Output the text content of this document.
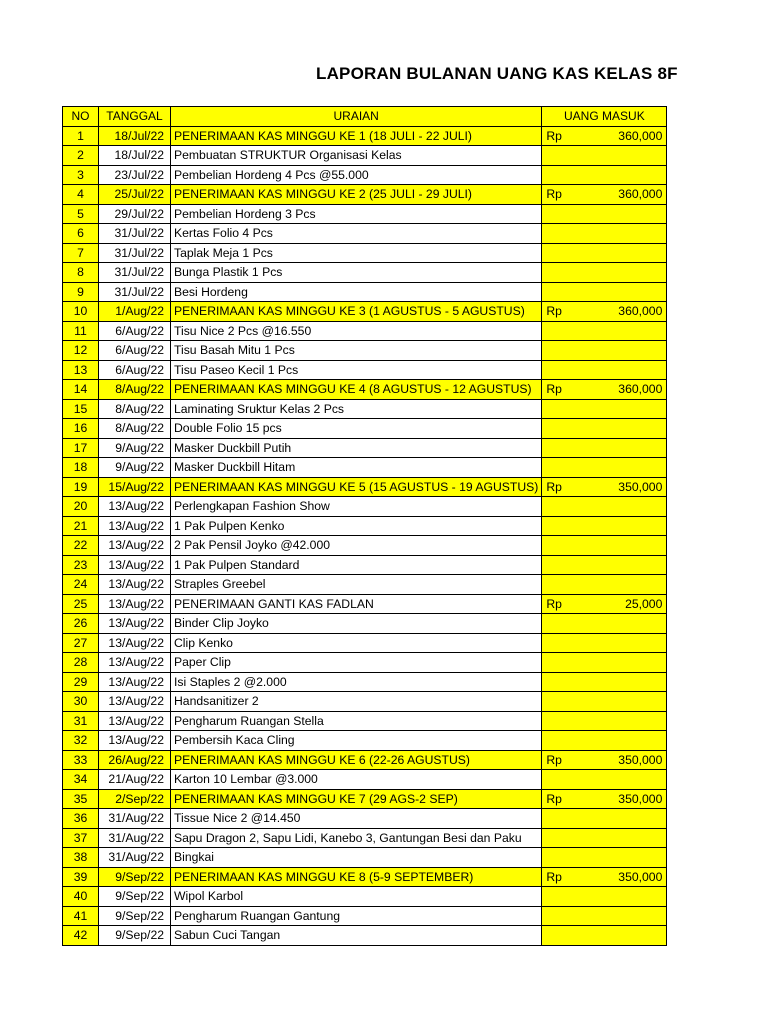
LAPORAN BULANAN UANG KAS KELAS 8F
NO	TANGGAL	URAIAN	UANG MASUK
1	18/Jul/22	PENERIMAAN KAS MINGGU KE 1 (18 JULI - 22 JULI)	Rp 360,000

2	18/Jul/22	Pembuatan STRUKTUR Organisasi Kelas	

3	23/Jul/22	Pembelian Hordeng 4 Pcs @55.000	

4	25/Jul/22	PENERIMAAN KAS MINGGU KE 2 (25 JULI - 29 JULI)	Rp 360,000

5	29/Jul/22	Pembelian Hordeng 3 Pcs	

6	31/Jul/22	Kertas Folio 4 Pcs	

7	31/Jul/22	Taplak Meja 1 Pcs	

8	31/Jul/22	Bunga Plastik 1 Pcs	

9	31/Jul/22	Besi Hordeng	

10	1/Aug/22	PENERIMAAN KAS MINGGU KE 3 (1 AGUSTUS - 5 AGUSTUS)	Rp 360,000

11	6/Aug/22	Tisu Nice 2 Pcs @16.550	

12	6/Aug/22	Tisu Basah Mitu 1 Pcs	

13	6/Aug/22	Tisu Paseo Kecil 1 Pcs	

14	8/Aug/22	PENERIMAAN KAS MINGGU KE 4 (8 AGUSTUS - 12 AGUSTUS)	Rp 360,000

15	8/Aug/22	Laminating Sruktur Kelas 2 Pcs	

16	8/Aug/22	Double Folio 15 pcs	

17	9/Aug/22	Masker Duckbill Putih	

18	9/Aug/22	Masker Duckbill Hitam	

19	15/Aug/22	PENERIMAAN KAS MINGGU KE 5 (15 AGUSTUS - 19 AGUSTUS)	Rp 350,000

20	13/Aug/22	Perlengkapan Fashion Show	

21	13/Aug/22	1 Pak Pulpen Kenko	

22	13/Aug/22	2 Pak Pensil Joyko @42.000	

23	13/Aug/22	1 Pak Pulpen Standard	

24	13/Aug/22	Straples Greebel	

25	13/Aug/22	PENERIMAAN GANTI KAS FADLAN	Rp 25,000

26	13/Aug/22	Binder Clip Joyko	

27	13/Aug/22	Clip Kenko	

28	13/Aug/22	Paper Clip	

29	13/Aug/22	Isi Staples 2 @2.000	

30	13/Aug/22	Handsanitizer 2	

31	13/Aug/22	Pengharum Ruangan Stella	

32	13/Aug/22	Pembersih Kaca Cling	

33	26/Aug/22	PENERIMAAN KAS MINGGU KE 6 (22-26 AGUSTUS)	Rp 350,000

34	21/Aug/22	Karton 10 Lembar @3.000	

35	2/Sep/22	PENERIMAAN KAS MINGGU KE 7 (29 AGS-2 SEP)	Rp 350,000

36	31/Aug/22	Tissue Nice 2 @14.450	

37	31/Aug/22	Sapu Dragon 2, Sapu Lidi, Kanebo 3, Gantungan Besi dan Paku	

38	31/Aug/22	Bingkai	

39	9/Sep/22	PENERIMAAN KAS MINGGU KE 8 (5-9 SEPTEMBER)	Rp 350,000

40	9/Sep/22	Wipol Karbol	

41	9/Sep/22	Pengharum Ruangan Gantung	

42	9/Sep/22	Sabun Cuci Tangan	
